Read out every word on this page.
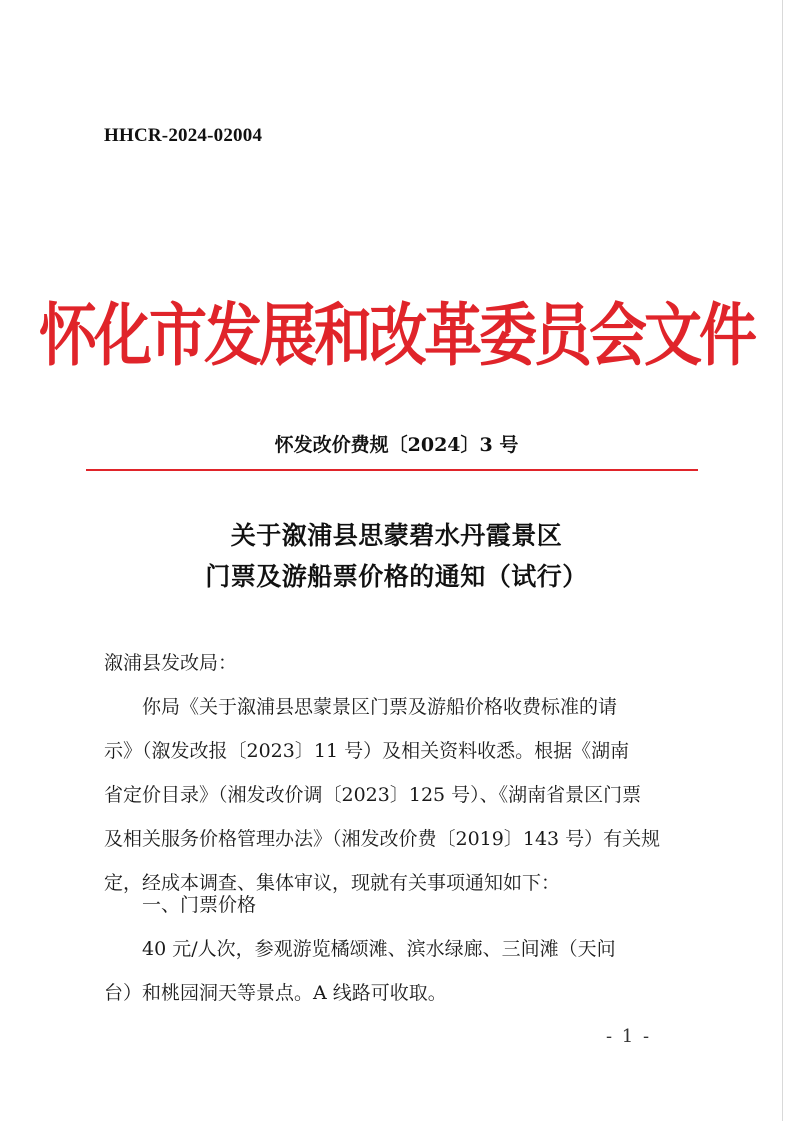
HHCR-2024-02004
怀化市发展和改革委员会文件
怀发改价费规〔2024〕3 号
关于溆浦县思蒙碧水丹霞景区
门票及游船票价格的通知（试行）
溆浦县发改局：
你局《关于溆浦县思蒙景区门票及游船价格收费标准的请
示》（溆发改报〔2023〕11 号）及相关资料收悉。根据《湖南
省定价目录》（湘发改价调〔2023〕125 号）、《湖南省景区门票
及相关服务价格管理办法》（湘发改价费〔2019〕143 号）有关规
定，经成本调查、集体审议，现就有关事项通知如下：
一、门票价格
40 元/人次，参观游览橘颂滩、滨水绿廊、三间滩（天问
台）和桃园洞天等景点。A 线路可收取。
- 1 -
